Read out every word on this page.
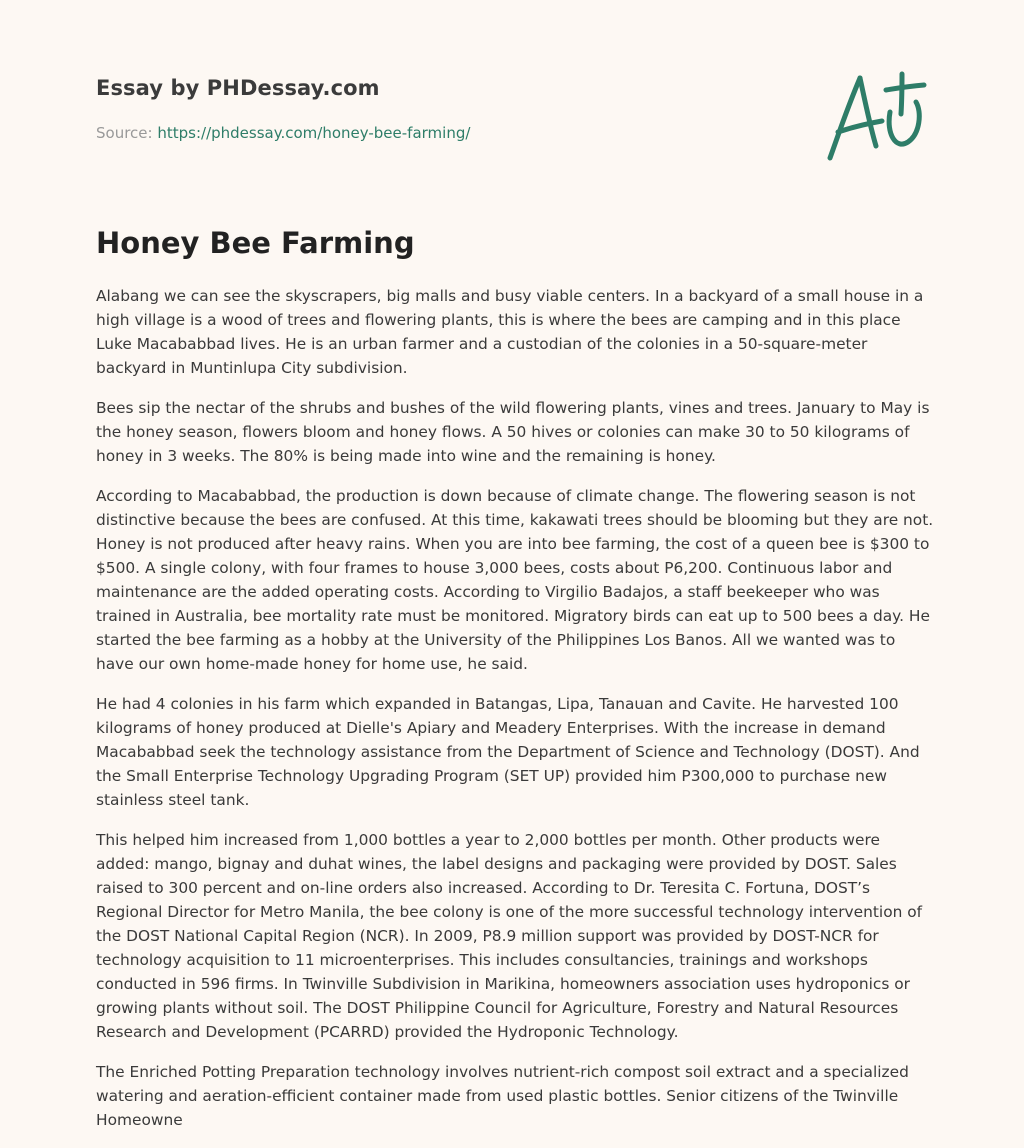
Essay by PHDessay.com

Source: https://phdessay.com/honey-bee-farming/

Honey Bee Farming

Alabang we can see the skyscrapers, big malls and busy viable centers. In a backyard of a small house in a high village is a wood of trees and flowering plants, this is where the bees are camping and in this place Luke Macababbad lives. He is an urban farmer and a custodian of the colonies in a 50-square-meter backyard in Muntinlupa City subdivision.

Bees sip the nectar of the shrubs and bushes of the wild flowering plants, vines and trees. January to May is the honey season, flowers bloom and honey flows. A 50 hives or colonies can make 30 to 50 kilograms of honey in 3 weeks. The 80% is being made into wine and the remaining is honey.

According to Macababbad, the production is down because of climate change. The flowering season is not distinctive because the bees are confused. At this time, kakawati trees should be blooming but they are not. Honey is not produced after heavy rains. When you are into bee farming, the cost of a queen bee is $300 to $500. A single colony, with four frames to house 3,000 bees, costs about P6,200. Continuous labor and maintenance are the added operating costs. According to Virgilio Badajos, a staff beekeeper who was trained in Australia, bee mortality rate must be monitored. Migratory birds can eat up to 500 bees a day. He started the bee farming as a hobby at the University of the Philippines Los Banos. All we wanted was to have our own home-made honey for home use, he said.

He had 4 colonies in his farm which expanded in Batangas, Lipa, Tanauan and Cavite. He harvested 100 kilograms of honey produced at Dielle's Apiary and Meadery Enterprises. With the increase in demand Macababbad seek the technology assistance from the Department of Science and Technology (DOST). And the Small Enterprise Technology Upgrading Program (SET UP) provided him P300,000 to purchase new stainless steel tank.

This helped him increased from 1,000 bottles a year to 2,000 bottles per month. Other products were added: mango, bignay and duhat wines, the label designs and packaging were provided by DOST. Sales raised to 300 percent and on-line orders also increased. According to Dr. Teresita C. Fortuna, DOST’s Regional Director for Metro Manila, the bee colony is one of the more successful technology intervention of the DOST National Capital Region (NCR). In 2009, P8.9 million support was provided by DOST-NCR for technology acquisition to 11 microenterprises. This includes consultancies, trainings and workshops conducted in 596 firms. In Twinville Subdivision in Marikina, homeowners association uses hydroponics or growing plants without soil. The DOST Philippine Council for Agriculture, Forestry and Natural Resources Research and Development (PCARRD) provided the Hydroponic Technology.

The Enriched Potting Preparation technology involves nutrient-rich compost soil extract and a specialized watering and aeration-efficient container made from used plastic bottles. Senior citizens of the Twinville Homeowne
